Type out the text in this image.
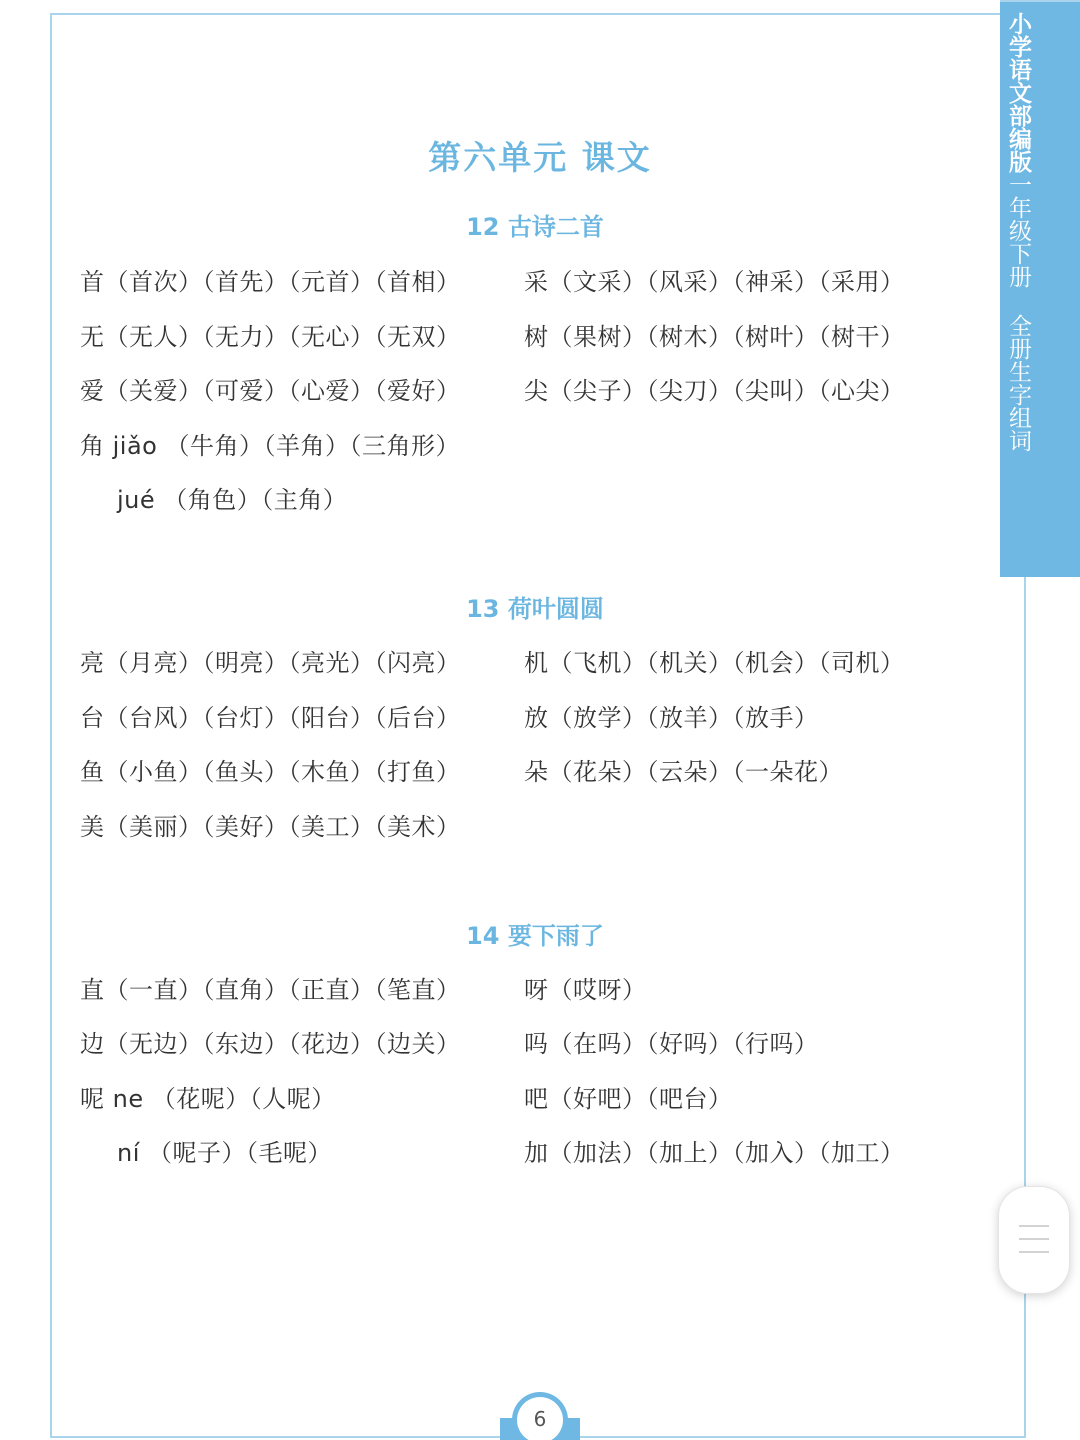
小学语文部编版一年级下册 全册生字组词
第六单元 课文
12 古诗二首
首（首次）（首先）（元首）（首相）	采（文采）（风采）（神采）（采用）
无（无人）（无力）（无心）（无双）	树（果树）（树木）（树叶）（树干）
爱（关爱）（可爱）（心爱）（爱好）	尖（尖子）（尖刀）（尖叫）（心尖）
角 jiǎo （牛角）（羊角）（三角形）
jué （角色）（主角）
13 荷叶圆圆
亮（月亮）（明亮）（亮光）（闪亮）	机（飞机）（机关）（机会）（司机）
台（台风）（台灯）（阳台）（后台）	放（放学）（放羊）（放手）
鱼（小鱼）（鱼头）（木鱼）（打鱼）	朵（花朵）（云朵）（一朵花）
美（美丽）（美好）（美工）（美术）
14 要下雨了
直（一直）（直角）（正直）（笔直）	呀（哎呀）
边（无边）（东边）（花边）（边关）	吗（在吗）（好吗）（行吗）
呢 ne （花呢）（人呢）	吧（好吧）（吧台）
ní （呢子）（毛呢）	加（加法）（加上）（加入）（加工）
6
